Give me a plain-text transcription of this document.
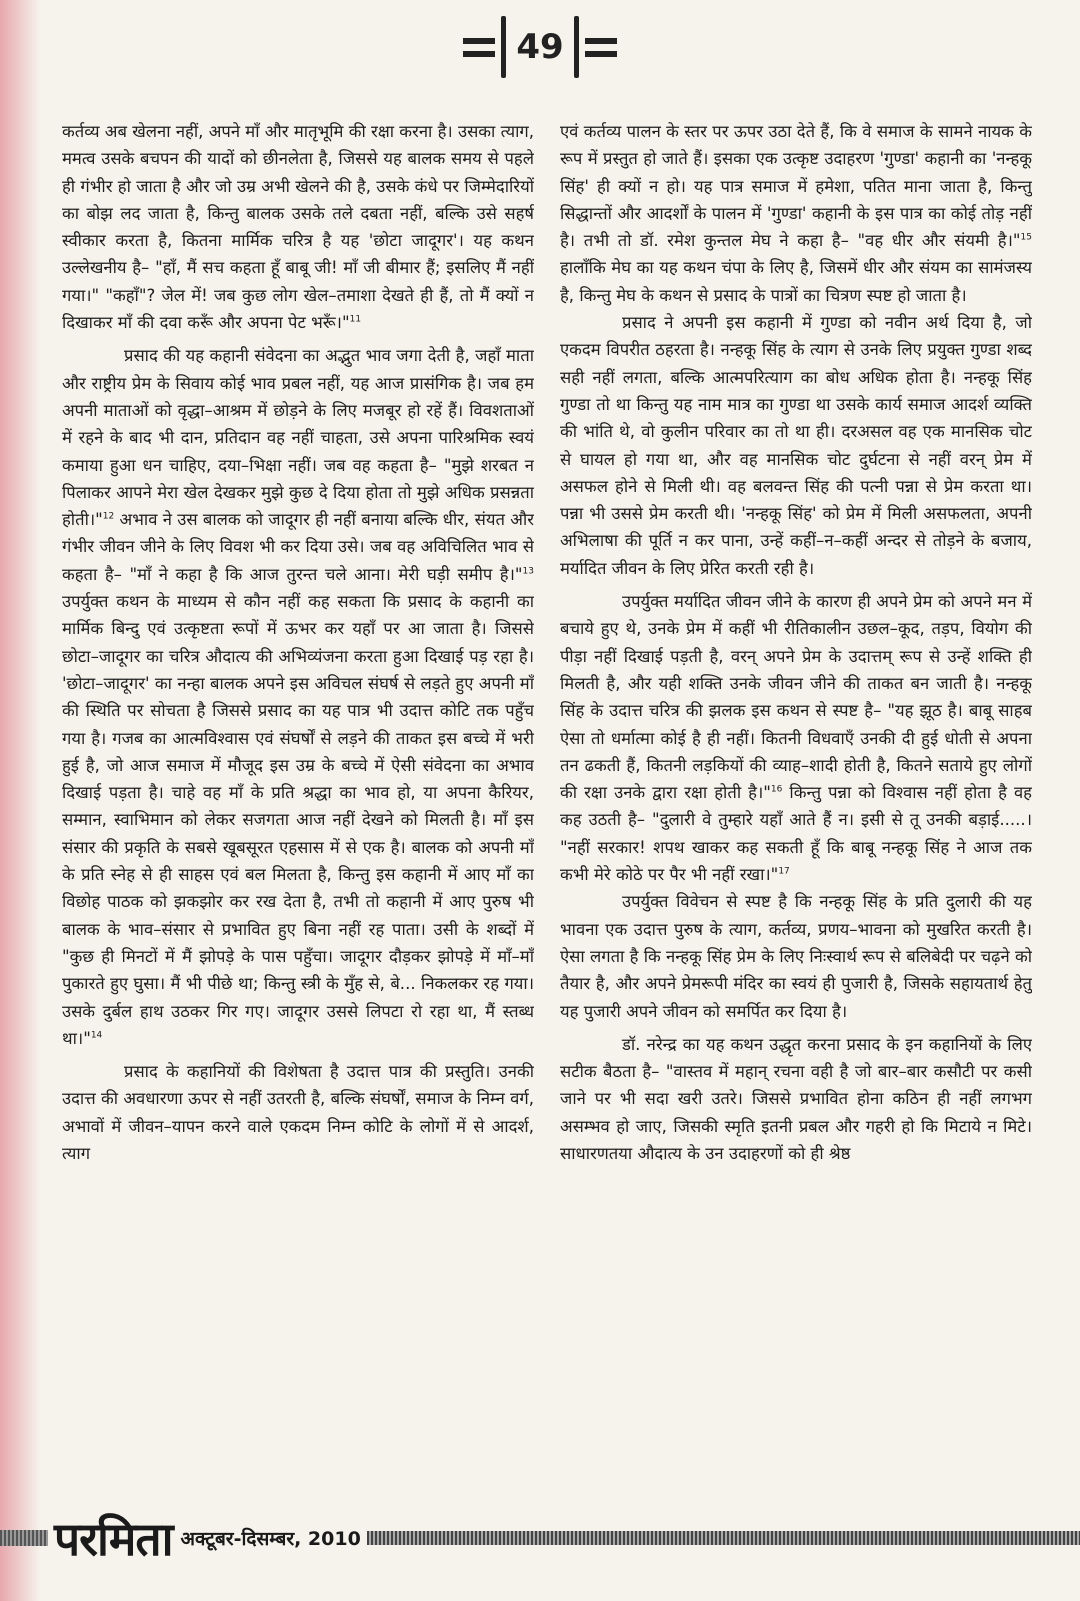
49

कर्तव्य अब खेलना नहीं, अपने माँ और मातृभूमि की रक्षा करना है। उसका त्याग, ममत्व उसके बचपन की यादों को छीनलेता है, जिससे यह बालक समय से पहले ही गंभीर हो जाता है और जो उम्र अभी खेलने की है, उसके कंधे पर जिम्मेदारियों का बोझ लद जाता है, किन्तु बालक उसके तले दबता नहीं, बल्कि उसे सहर्ष स्वीकार करता है, कितना मार्मिक चरित्र है यह 'छोटा जादूगर'। यह कथन उल्लेखनीय है– "हाँ, मैं सच कहता हूँ बाबू जी! माँ जी बीमार हैं; इसलिए मैं नहीं गया।" "कहाँ"? जेल में! जब कुछ लोग खेल–तमाशा देखते ही हैं, तो मैं क्यों न दिखाकर माँ की दवा करूँ और अपना पेट भरूँ।"$^{11}$

प्रसाद की यह कहानी संवेदना का अद्भुत भाव जगा देती है, जहाँ माता और राष्ट्रीय प्रेम के सिवाय कोई भाव प्रबल नहीं, यह आज प्रासंगिक है। जब हम अपनी माताओं को वृद्धा–आश्रम में छोड़ने के लिए मजबूर हो रहें हैं। विवशताओं में रहने के बाद भी दान, प्रतिदान वह नहीं चाहता, उसे अपना पारिश्रमिक स्वयं कमाया हुआ धन चाहिए, दया–भिक्षा नहीं। जब वह कहता है– "मुझे शरबत न पिलाकर आपने मेरा खेल देखकर मुझे कुछ दे दिया होता तो मुझे अधिक प्रसन्नता होती।"$^{12}$ अभाव ने उस बालक को जादूगर ही नहीं बनाया बल्कि धीर, संयत और गंभीर जीवन जीने के लिए विवश भी कर दिया उसे। जब वह अविचिलित भाव से कहता है– "माँ ने कहा है कि आज तुरन्त चले आना। मेरी घड़ी समीप है।"$^{13}$ उपर्युक्त कथन के माध्यम से कौन नहीं कह सकता कि प्रसाद के कहानी का मार्मिक बिन्दु एवं उत्कृष्टता रूपों में ऊभर कर यहाँ पर आ जाता है। जिससे छोटा–जादूगर का चरित्र औदात्य की अभिव्यंजना करता हुआ दिखाई पड़ रहा है। 'छोटा–जादूगर' का नन्हा बालक अपने इस अविचल संघर्ष से लड़ते हुए अपनी माँ की स्थिति पर सोचता है जिससे प्रसाद का यह पात्र भी उदात्त कोटि तक पहुँच गया है। गजब का आत्मविश्वास एवं संघर्षों से लड़ने की ताकत इस बच्चे में भरी हुई है, जो आज समाज में मौजूद इस उम्र के बच्चे में ऐसी संवेदना का अभाव दिखाई पड़ता है। चाहे वह माँ के प्रति श्रद्धा का भाव हो, या अपना कैरियर, सम्मान, स्वाभिमान को लेकर सजगता आज नहीं देखने को मिलती है। माँ इस संसार की प्रकृति के सबसे खूबसूरत एहसास में से एक है। बालक को अपनी माँ के प्रति स्नेह से ही साहस एवं बल मिलता है, किन्तु इस कहानी में आए माँ का विछोह पाठक को झकझोर कर रख देता है, तभी तो कहानी में आए पुरुष भी बालक के भाव–संसार से प्रभावित हुए बिना नहीं रह पाता। उसी के शब्दों में "कुछ ही मिनटों में मैं झोपड़े के पास पहुँचा। जादूगर दौड़कर झोपड़े में माँ–माँ पुकारते हुए घुसा। मैं भी पीछे था; किन्तु स्त्री के मुँह से, बे... निकलकर रह गया। उसके दुर्बल हाथ उठकर गिर गए। जादूगर उससे लिपटा रो रहा था, मैं स्तब्ध था।"$^{14}$

प्रसाद के कहानियों की विशेषता है उदात्त पात्र की प्रस्तुति। उनकी उदात्त की अवधारणा ऊपर से नहीं उतरती है, बल्कि संघर्षों, समाज के निम्न वर्ग, अभावों में जीवन–यापन करने वाले एकदम निम्न कोटि के लोगों में से आदर्श, त्याग

एवं कर्तव्य पालन के स्तर पर ऊपर उठा देते हैं, कि वे समाज के सामने नायक के रूप में प्रस्तुत हो जाते हैं। इसका एक उत्कृष्ट उदाहरण 'गुण्डा' कहानी का 'नन्हकू सिंह' ही क्यों न हो। यह पात्र समाज में हमेशा, पतित माना जाता है, किन्तु सिद्धान्तों और आदर्शों के पालन में 'गुण्डा' कहानी के इस पात्र का कोई तोड़ नहीं है। तभी तो डॉ. रमेश कुन्तल मेघ ने कहा है– "वह धीर और संयमी है।"$^{15}$ हालाँकि मेघ का यह कथन चंपा के लिए है, जिसमें धीर और संयम का सामंजस्य है, किन्तु मेघ के कथन से प्रसाद के पात्रों का चित्रण स्पष्ट हो जाता है।

प्रसाद ने अपनी इस कहानी में गुण्डा को नवीन अर्थ दिया है, जो एकदम विपरीत ठहरता है। नन्हकू सिंह के त्याग से उनके लिए प्रयुक्त गुण्डा शब्द सही नहीं लगता, बल्कि आत्मपरित्याग का बोध अधिक होता है। नन्हकू सिंह गुण्डा तो था किन्तु यह नाम मात्र का गुण्डा था उसके कार्य समाज आदर्श व्यक्ति की भांति थे, वो कुलीन परिवार का तो था ही। दरअसल वह एक मानसिक चोट से घायल हो गया था, और वह मानसिक चोट दुर्घटना से नहीं वरन् प्रेम में असफल होने से मिली थी। वह बलवन्त सिंह की पत्नी पन्ना से प्रेम करता था। पन्ना भी उससे प्रेम करती थी। 'नन्हकू सिंह' को प्रेम में मिली असफलता, अपनी अभिलाषा की पूर्ति न कर पाना, उन्हें कहीं–न–कहीं अन्दर से तोड़ने के बजाय, मर्यादित जीवन के लिए प्रेरित करती रही है।

उपर्युक्त मर्यादित जीवन जीने के कारण ही अपने प्रेम को अपने मन में बचाये हुए थे, उनके प्रेम में कहीं भी रीतिकालीन उछल–कूद, तड़प, वियोग की पीड़ा नहीं दिखाई पड़ती है, वरन् अपने प्रेम के उदात्तम् रूप से उन्हें शक्ति ही मिलती है, और यही शक्ति उनके जीवन जीने की ताकत बन जाती है। नन्हकू सिंह के उदात्त चरित्र की झलक इस कथन से स्पष्ट है– "यह झूठ है। बाबू साहब ऐसा तो धर्मात्मा कोई है ही नहीं। कितनी विधवाएँ उनकी दी हुई धोती से अपना तन ढकती हैं, कितनी लड़कियों की व्याह–शादी होती है, कितने सताये हुए लोगों की रक्षा उनके द्वारा रक्षा होती है।"$^{16}$ किन्तु पन्ना को विश्वास नहीं होता है वह कह उठती है– "दुलारी वे तुम्हारे यहाँ आते हैं न। इसी से तू उनकी बड़ाई.....। "नहीं सरकार! शपथ खाकर कह सकती हूँ कि बाबू नन्हकू सिंह ने आज तक कभी मेरे कोठे पर पैर भी नहीं रखा।"$^{17}$

उपर्युक्त विवेचन से स्पष्ट है कि नन्हकू सिंह के प्रति दुलारी की यह भावना एक उदात्त पुरुष के त्याग, कर्तव्य, प्रणय–भावना को मुखरित करती है। ऐसा लगता है कि नन्हकू सिंह प्रेम के लिए निःस्वार्थ रूप से बलिबेदी पर चढ़ने को तैयार है, और अपने प्रेमरूपी मंदिर का स्वयं ही पुजारी है, जिसके सहायतार्थ हेतु यह पुजारी अपने जीवन को समर्पित कर दिया है।

डॉ. नरेन्द्र का यह कथन उद्धृत करना प्रसाद के इन कहानियों के लिए सटीक बैठता है– "वास्तव में महान् रचना वही है जो बार–बार कसौटी पर कसी जाने पर भी सदा खरी उतरे। जिससे प्रभावित होना कठिन ही नहीं लगभग असम्भव हो जाए, जिसकी स्मृति इतनी प्रबल और गहरी हो कि मिटाये न मिटे। साधारणतया औदात्य के उन उदाहरणों को ही श्रेष्ठ

परमिता अक्टूबर-दिसम्बर, 2010
